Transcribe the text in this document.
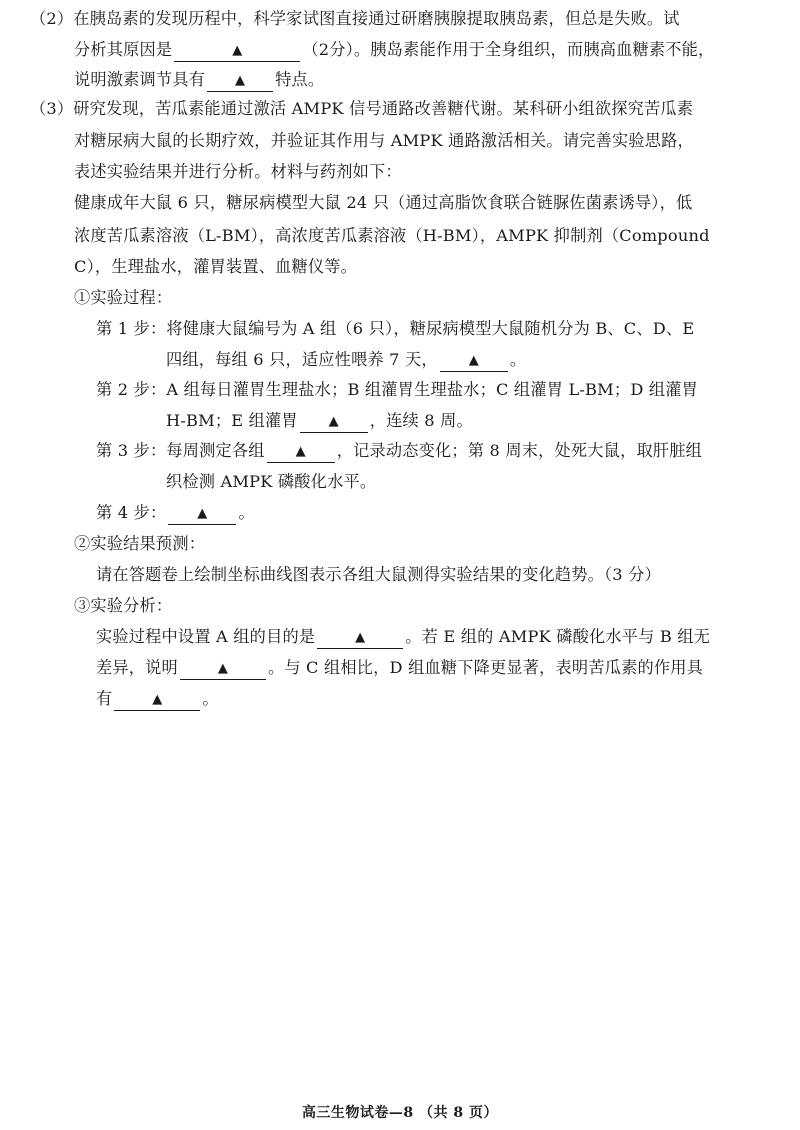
（2）在胰岛素的发现历程中，科学家试图直接通过研磨胰腺提取胰岛素，但总是失败。试
分析其原因是	▲	（2分）。胰岛素能作用于全身组织，而胰高血糖素不能，
说明激素调节具有 ▲ 特点。
（3）研究发现，苦瓜素能通过激活 AMPK 信号通路改善糖代谢。某科研小组欲探究苦瓜素
对糖尿病大鼠的长期疗效，并验证其作用与 AMPK 通路激活相关。请完善实验思路，
表述实验结果并进行分析。材料与药剂如下：
健康成年大鼠 6 只，糖尿病模型大鼠 24 只（通过高脂饮食联合链脲佐菌素诱导），低
浓度苦瓜素溶液（L-BM），高浓度苦瓜素溶液（H-BM），AMPK 抑制剂（Compound
C），生理盐水，灌胃装置、血糖仪等。
①实验过程：
第 1 步：将健康大鼠编号为 A 组（6 只），糖尿病模型大鼠随机分为 B、C、D、E
四组，每组 6 只，适应性喂养 7 天， ▲ 。
第 2 步：A 组每日灌胃生理盐水；B 组灌胃生理盐水；C 组灌胃 L-BM；D 组灌胃
H-BM；E 组灌胃 ▲ ，连续 8 周。
第 3 步：每周测定各组 ▲ ，记录动态变化；第 8 周末，处死大鼠，取肝脏组
织检测 AMPK 磷酸化水平。
第 4 步： ▲ 。
②实验结果预测：
请在答题卷上绘制坐标曲线图表示各组大鼠测得实验结果的变化趋势。（3 分）
③实验分析：
实验过程中设置 A 组的目的是	▲ 。若 E 组的 AMPK 磷酸化水平与 B 组无
差异，说明	▲ 。与 C 组相比，D 组血糖下降更显著，表明苦瓜素的作用具
有	▲ 。
高三生物试卷—8 （共 8 页）
